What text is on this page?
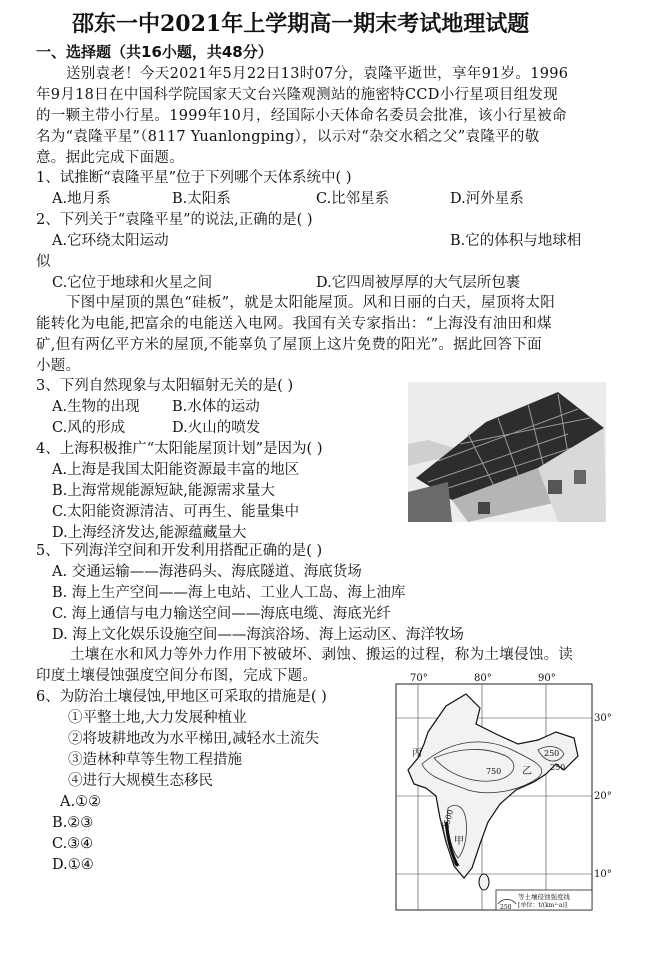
邵东一中2021年上学期高一期末考试地理试题
一、选择题（共16小题，共48分）
送别袁老！今天2021年5月22日13时07分，袁隆平逝世，享年91岁。1996
年9月18日在中国科学院国家天文台兴隆观测站的施密特CCD小行星项目组发现
的一颗主带小行星。1999年10月，经国际小天体命名委员会批准，该小行星被命
名为“袁隆平星”（8117 Yuanlongping），以示对“杂交水稻之父”袁隆平的敬
意。据此完成下面题。
1、试推断“袁隆平星”位于下列哪个天体系统中( )
A.地月系	B.太阳系	C.比邻星系	D.河外星系
2、下列关于“袁隆平星”的说法,正确的是( )
A.它环绕太阳运动	B.它的体积与地球相
似
C.它位于地球和火星之间	D.它四周被厚厚的大气层所包裹
下图中屋顶的黑色“硅板”，就是太阳能屋顶。风和日丽的白天，屋顶将太阳
能转化为电能,把富余的电能送入电网。我国有关专家指出：“上海没有油田和煤
矿,但有两亿平方米的屋顶,不能辜负了屋顶上这片免费的阳光”。据此回答下面
小题。
3、下列自然现象与太阳辐射无关的是( )
A.生物的出现 B.水体的运动
C.风的形成	D.火山的喷发
4、上海积极推广“太阳能屋顶计划”是因为( )
A.上海是我国太阳能资源最丰富的地区
B.上海常规能源短缺,能源需求量大
C.太阳能资源清洁、可再生、能量集中
D.上海经济发达,能源蕴藏量大
5、下列海洋空间和开发利用搭配正确的是( )
A. 交通运输——海港码头、海底隧道、海底货场
B. 海上生产空间——海上电站、工业人工岛、海上油库
C. 海上通信与电力输送空间——海底电缆、海底光纤
D. 海上文化娱乐设施空间——海滨浴场、海上运动区、海洋牧场
土壤在水和风力等外力作用下被破坏、剥蚀、搬运的过程，称为土壤侵蚀。读
印度土壤侵蚀强度空间分布图，完成下题。
6、为防治土壤侵蚀,甲地区可采取的措施是( )
①平整土地,大力发展种植业
②将坡耕地改为水平梯田,减轻水土流失
③造林种草等生物工程措施
④进行大规模生态移民
A.①②
B.②③
C.③④
D.①④
70°	80°	90°
30°
20°
10°
丙
乙
甲
250
250
750
2500
等土壤侵蚀强度线
[单位：t/(km²·a)]
250
